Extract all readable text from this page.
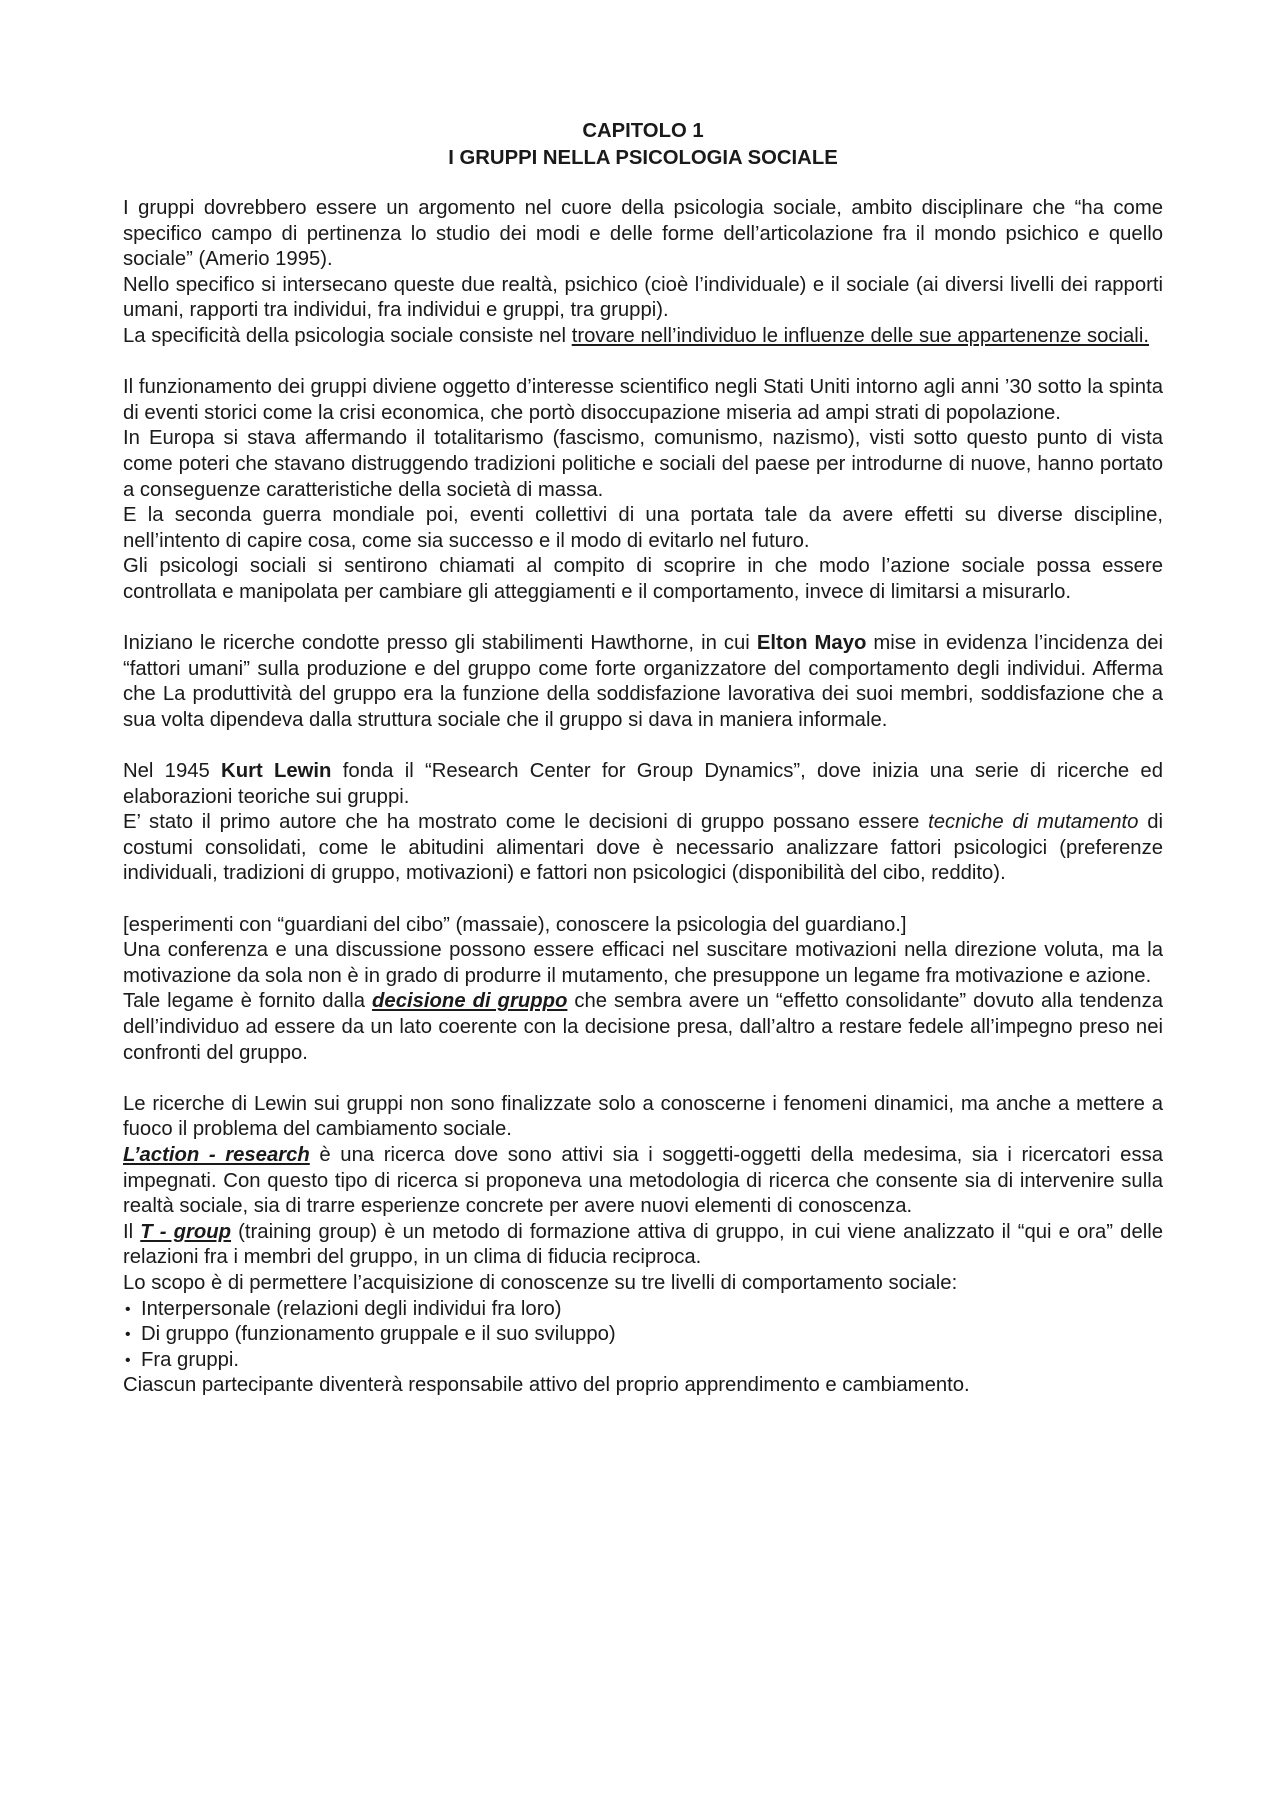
CAPITOLO 1
I GRUPPI NELLA PSICOLOGIA SOCIALE

I gruppi dovrebbero essere un argomento nel cuore della psicologia sociale, ambito disciplinare che “ha come specifico campo di pertinenza lo studio dei modi e delle forme dell’articolazione fra il mondo psichico e quello sociale” (Amerio 1995).

Nello specifico si intersecano queste due realtà, psichico (cioè l’individuale) e il sociale (ai diversi livelli dei rapporti umani, rapporti tra individui, fra individui e gruppi, tra gruppi).

La specificità della psicologia sociale consiste nel trovare nell’individuo le influenze delle sue appartenenze sociali.

Il funzionamento dei gruppi diviene oggetto d’interesse scientifico negli Stati Uniti intorno agli anni ’30 sotto la spinta di eventi storici come la crisi economica, che portò disoccupazione miseria ad ampi strati di popolazione.

In Europa si stava affermando il totalitarismo (fascismo, comunismo, nazismo), visti sotto questo punto di vista come poteri che stavano distruggendo tradizioni politiche e sociali del paese per introdurne di nuove, hanno portato a conseguenze caratteristiche della società di massa.

E la seconda guerra mondiale poi, eventi collettivi di una portata tale da avere effetti su diverse discipline, nell’intento di capire cosa, come sia successo e il modo di evitarlo nel futuro.

Gli psicologi sociali si sentirono chiamati al compito di scoprire in che modo l’azione sociale possa essere controllata e manipolata per cambiare gli atteggiamenti e il comportamento, invece di limitarsi a misurarlo.

Iniziano le ricerche condotte presso gli stabilimenti Hawthorne, in cui Elton Mayo mise in evidenza l’incidenza dei “fattori umani” sulla produzione e del gruppo come forte organizzatore del comportamento degli individui. Afferma che La produttività del gruppo era la funzione della soddisfazione lavorativa dei suoi membri, soddisfazione che a sua volta dipendeva dalla struttura sociale che il gruppo si dava in maniera informale.

Nel 1945 Kurt Lewin fonda il “Research Center for Group Dynamics”, dove inizia una serie di ricerche ed elaborazioni teoriche sui gruppi.

E’ stato il primo autore che ha mostrato come le decisioni di gruppo possano essere tecniche di mutamento di costumi consolidati, come le abitudini alimentari dove è necessario analizzare fattori psicologici (preferenze individuali, tradizioni di gruppo, motivazioni) e fattori non psicologici (disponibilità del cibo, reddito).

[esperimenti con “guardiani del cibo” (massaie), conoscere la psicologia del guardiano.]

Una conferenza e una discussione possono essere efficaci nel suscitare motivazioni nella direzione voluta, ma la motivazione da sola non è in grado di produrre il mutamento, che presuppone un legame fra motivazione e azione.

Tale legame è fornito dalla decisione di gruppo che sembra avere un “effetto consolidante” dovuto alla tendenza dell’individuo ad essere da un lato coerente con la decisione presa, dall’altro a restare fedele all’impegno preso nei confronti del gruppo.

Le ricerche di Lewin sui gruppi non sono finalizzate solo a conoscerne i fenomeni dinamici, ma anche a mettere a fuoco il problema del cambiamento sociale.

L’action - research è una ricerca dove sono attivi sia i soggetti-oggetti della medesima, sia i ricercatori essa impegnati. Con questo tipo di ricerca si proponeva una metodologia di ricerca che consente sia di intervenire sulla realtà sociale, sia di trarre esperienze concrete per avere nuovi elementi di conoscenza.

Il T - group (training group) è un metodo di formazione attiva di gruppo, in cui viene analizzato il “qui e ora” delle relazioni fra i membri del gruppo, in un clima di fiducia reciproca.

Lo scopo è di permettere l’acquisizione di conoscenze su tre livelli di comportamento sociale:

• Interpersonale (relazioni degli individui fra loro)
• Di gruppo (funzionamento gruppale e il suo sviluppo)
• Fra gruppi.

Ciascun partecipante diventerà responsabile attivo del proprio apprendimento e cambiamento.
